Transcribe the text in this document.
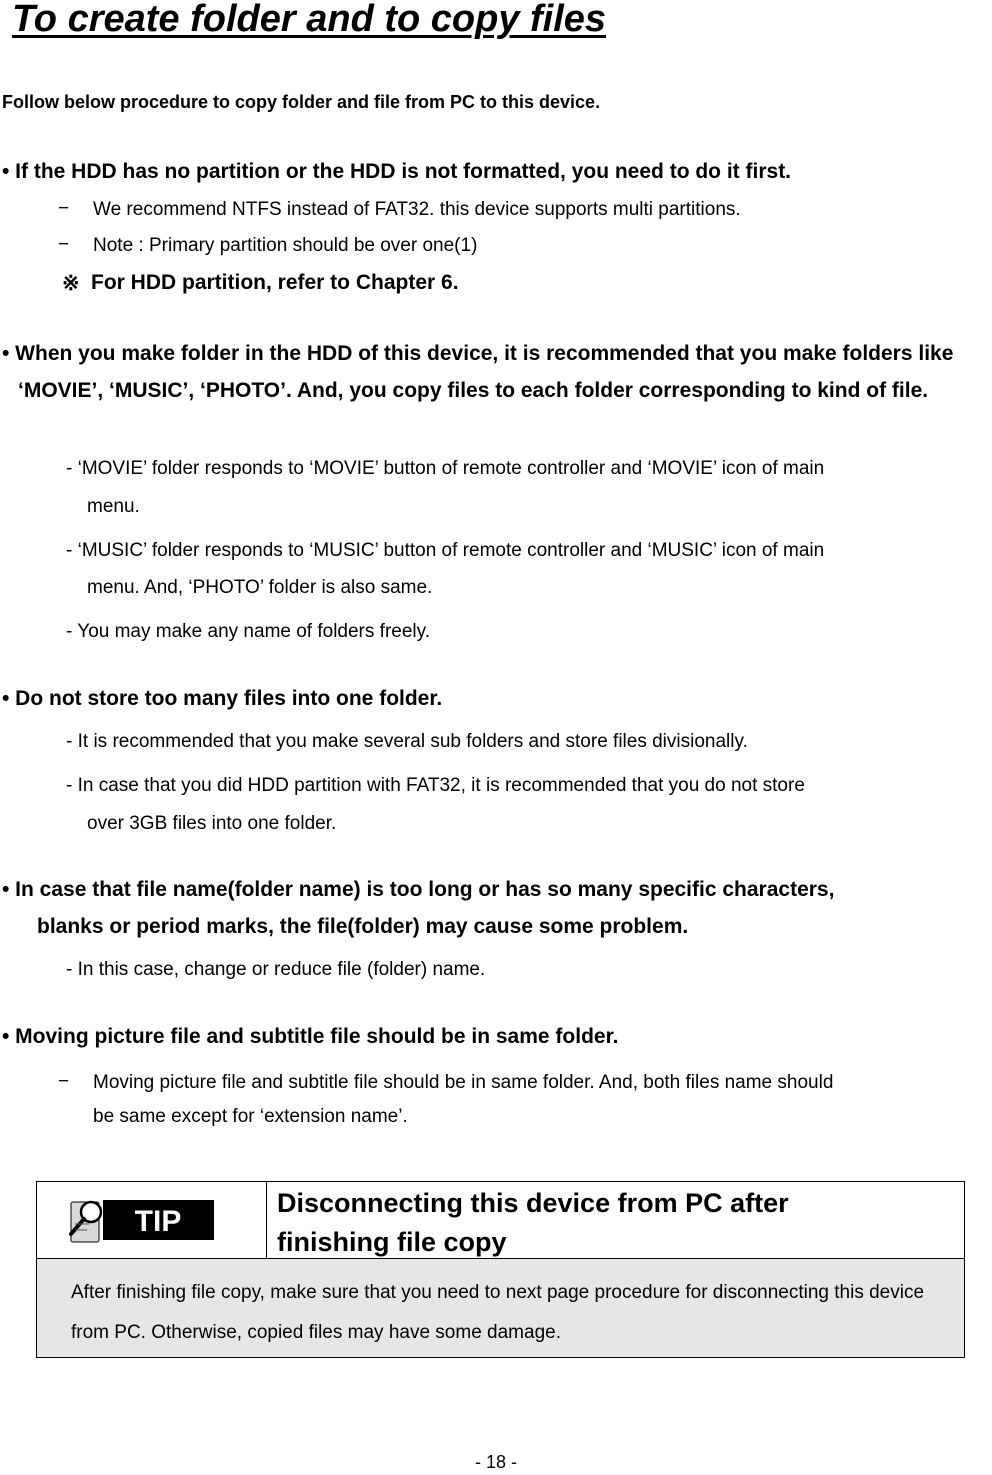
To create folder and to copy files
Follow below procedure to copy folder and file from PC to this device.
• If the HDD has no partition or the HDD is not formatted, you need to do it first.
− We recommend NTFS instead of FAT32. this device supports multi partitions.
− Note : Primary partition should be over one(1)
※ For HDD partition, refer to Chapter 6.
• When you make folder in the HDD of this device, it is recommended that you make folders like ‘MOVIE’, ‘MUSIC’, ‘PHOTO’. And, you copy files to each folder corresponding to kind of file.
- ‘MOVIE’ folder responds to ‘MOVIE’ button of remote controller and ‘MOVIE’ icon of main
menu.
- ‘MUSIC’ folder responds to ‘MUSIC’ button of remote controller and ‘MUSIC’ icon of main
menu. And, ‘PHOTO’ folder is also same.
- You may make any name of folders freely.
• Do not store too many files into one folder.
- It is recommended that you make several sub folders and store files divisionally.
- In case that you did HDD partition with FAT32, it is recommended that you do not store
over 3GB files into one folder.
• In case that file name(folder name) is too long or has so many specific characters,
blanks or period marks, the file(folder) may cause some problem.
- In this case, change or reduce file (folder) name.
• Moving picture file and subtitle file should be in same folder.
− Moving picture file and subtitle file should be in same folder. And, both files name should
be same except for ‘extension name’.
TIP
Disconnecting this device from PC after finishing file copy
After finishing file copy, make sure that you need to next page procedure for disconnecting this device from PC. Otherwise, copied files may have some damage.
- 18 -
